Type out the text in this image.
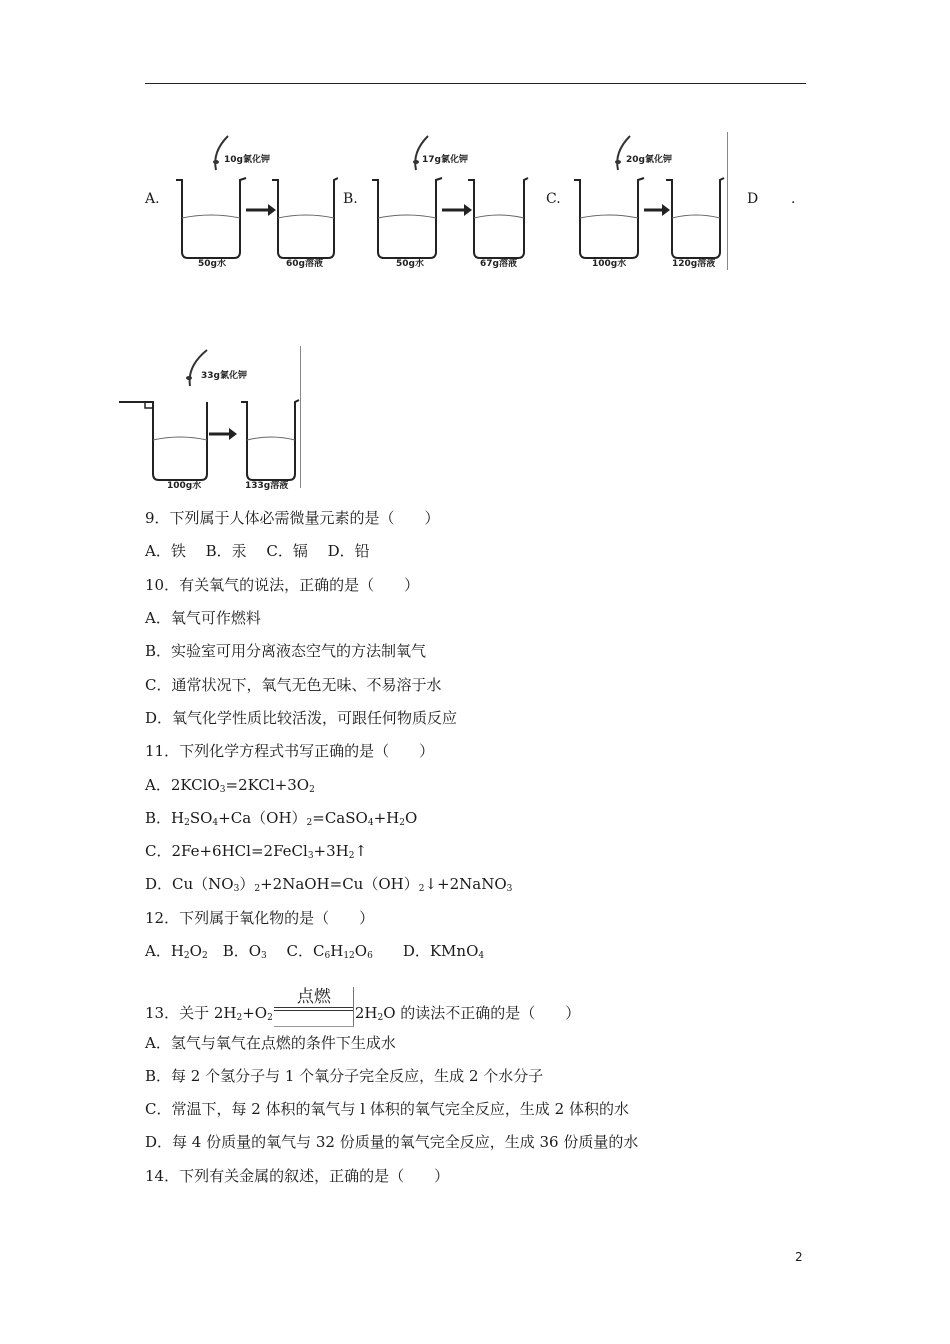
A.	B.	C.	D .
10g氯化钾
50g水	60g溶液
17g氯化钾
50g水	67g溶液
20g氯化钾
100g水	120g溶液
33g氯化钾
100g水	133g溶液
9．下列属于人体必需微量元素的是（　　）
A．铁　 B．汞　 C．镉　 D．铅
10．有关氧气的说法，正确的是（　　）
A．氧气可作燃料
B．实验室可用分离液态空气的方法制氧气
C．通常状况下，氧气无色无味、不易溶于水
D．氧气化学性质比较活泼，可跟任何物质反应
11．下列化学方程式书写正确的是（　　）
A．$2KClO_3=2KCl+3O_2$
B．$H_2SO_4+Ca(OH)_2=CaSO_4+H_2O$
C．$2Fe+6HCl=2FeCl_3+3H_2↑$
D．$Cu(NO_3)_2+2NaOH=Cu(OH)_2↓+2NaNO_3$
12．下列属于氧化物的是（　　）
A．$H_2O_2$　B．$O_3$　 C．$C_6H_{12}O_6$　　D．KMnO$_4$
13．关于 $2H_2+O_2$
点燃
$2H_2O$ 的读法不正确的是（　　）
A．氢气与氧气在点燃的条件下生成水
B．每 2 个氢分子与 1 个氧分子完全反应，生成 2 个水分子
C．常温下，每 2 体积的氧气与 l 体积的氧气完全反应，生成 2 体积的水
D．每 4 份质量的氧气与 32 份质量的氧气完全反应，生成 36 份质量的水
14．下列有关金属的叙述，正确的是（　　）
2
